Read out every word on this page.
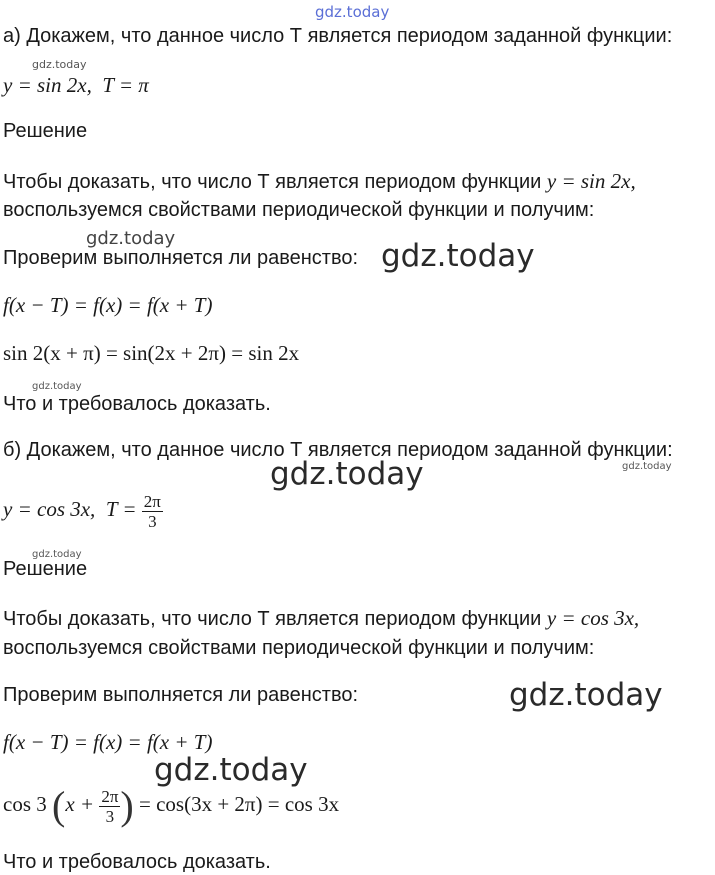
gdz.today
gdz.today
gdz.today	gdz.today
gdz.today
gdz.today	gdz.today
gdz.today
gdz.today
gdz.today
а) Докажем, что данное число Т является периодом заданной функции:
y = sin 2x, T = π
Решение
Чтобы доказать, что число Т является периодом функции y = sin 2x,
воспользуемся свойствами периодической функции и получим:
Проверим выполняется ли равенство:
f(x − T) = f(x) = f(x + T)
sin 2(x + π) = sin(2x + 2π) = sin 2x
Что и требовалось доказать.
б) Докажем, что данное число Т является периодом заданной функции:
y = cos 3x, $T = \frac{2\pi}{3}$
Решение
Чтобы доказать, что число Т является периодом функции y = cos 3x,
воспользуемся свойствами периодической функции и получим:
Проверим выполняется ли равенство:
f(x − T) = f(x) = f(x + T)
cos 3 ($x + \frac{2\pi}{3}$ ) = cos(3x + 2π) = cos 3x
Что и требовалось доказать.
